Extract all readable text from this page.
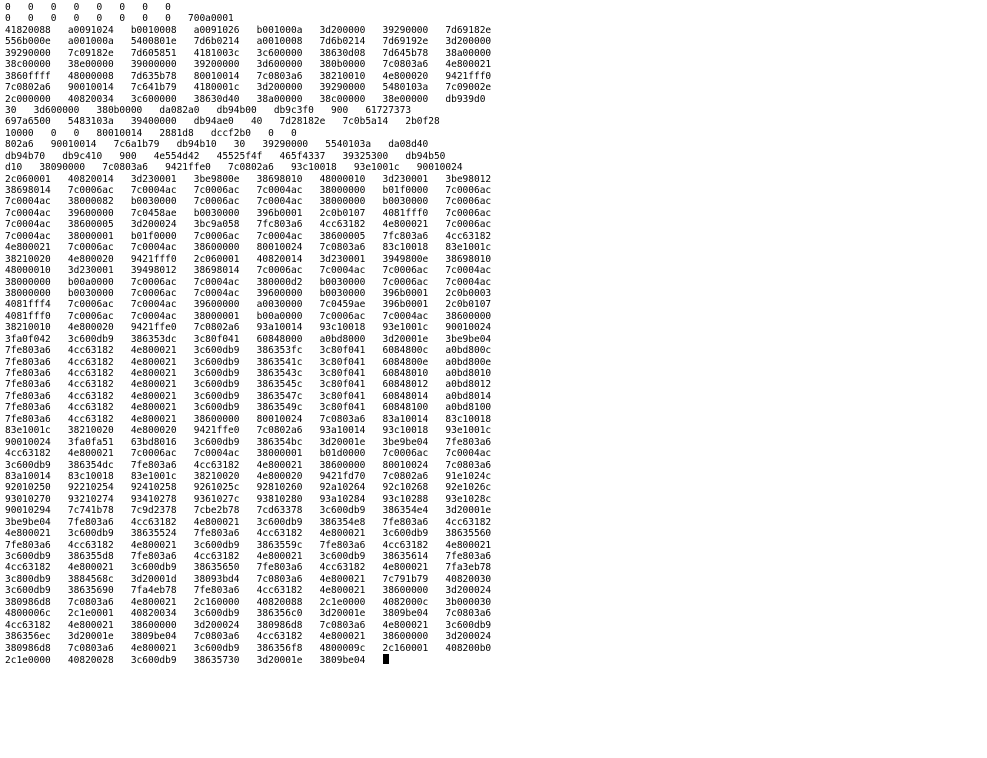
0   0   0   0   0   0   0   0
0   0   0   0   0   0   0   0   700a0001
41820088   a0091024   b0010008   a0091026   b001000a   3d200000   39290000   7d69182e
556b000e   a001000a   5400801e   7d6b0214   a0010008   7d6b0214   7d69192e   3d200000
39290000   7c09182e   7d605851   4181003c   3c600000   38630d08   7d645b78   38a00000
38c00000   38e00000   39000000   39200000   3d600000   380b0000   7c0803a6   4e800021
3860ffff   48000008   7d635b78   80010014   7c0803a6   38210010   4e800020   9421fff0
7c0802a6   90010014   7c641b79   4180001c   3d200000   39290000   5480103a   7c09002e
2c000000   40820034   3c600000   38630d40   38a00000   38c00000   38e00000   db939d0
30   3d600000   380b0000   da082a0   db94b00   db9c3f0   900   61727373
697a6500   5483103a   39400000   db94ae0   40   7d28182e   7c0b5a14   2b0f28
10000   0   0   80010014   2881d8   dccf2b0   0   0
802a6   90010014   7c6a1b79   db94b10   30   39290000   5540103a   da08d40
db94b70   db9c410   900   4e554d42   45525f4f   465f4337   39325300   db94b50
d10   38090000   7c0803a6   9421ffe0   7c0802a6   93c10018   93e1001c   90010024
2c060001   40820014   3d230001   3be9800e   38698010   48000010   3d230001   3be98012
38698014   7c0006ac   7c0004ac   7c0006ac   7c0004ac   38000000   b01f0000   7c0006ac
7c0004ac   38000082   b0030000   7c0006ac   7c0004ac   38000000   b0030000   7c0006ac
7c0004ac   39600000   7c0458ae   b0030000   396b0001   2c0b0107   4081fff0   7c0006ac
7c0004ac   38600005   3d200024   3bc9a058   7fc803a6   4cc63182   4e800021   7c0006ac
7c0004ac   38000001   b01f0000   7c0006ac   7c0004ac   38600005   7fc803a6   4cc63182
4e800021   7c0006ac   7c0004ac   38600000   80010024   7c0803a6   83c10018   83e1001c
38210020   4e800020   9421fff0   2c060001   40820014   3d230001   3949800e   38698010
48000010   3d230001   39498012   38698014   7c0006ac   7c0004ac   7c0006ac   7c0004ac
38000000   b00a0000   7c0006ac   7c0004ac   380000d2   b0030000   7c0006ac   7c0004ac
38000000   b0030000   7c0006ac   7c0004ac   39600000   b0030000   396b0001   2c0b0003
4081fff4   7c0006ac   7c0004ac   39600000   a0030000   7c0459ae   396b0001   2c0b0107
4081fff0   7c0006ac   7c0004ac   38000001   b00a0000   7c0006ac   7c0004ac   38600000
38210010   4e800020   9421ffe0   7c0802a6   93a10014   93c10018   93e1001c   90010024
3fa0f042   3c600db9   386353dc   3c80f041   60848000   a0bd8000   3d20001e   3be9be04
7fe803a6   4cc63182   4e800021   3c600db9   386353fc   3c80f041   6084800c   a0bd800c
7fe803a6   4cc63182   4e800021   3c600db9   3863541c   3c80f041   6084800e   a0bd800e
7fe803a6   4cc63182   4e800021   3c600db9   3863543c   3c80f041   60848010   a0bd8010
7fe803a6   4cc63182   4e800021   3c600db9   3863545c   3c80f041   60848012   a0bd8012
7fe803a6   4cc63182   4e800021   3c600db9   3863547c   3c80f041   60848014   a0bd8014
7fe803a6   4cc63182   4e800021   3c600db9   3863549c   3c80f041   60848100   a0bd8100
7fe803a6   4cc63182   4e800021   38600000   80010024   7c0803a6   83a10014   83c10018
83e1001c   38210020   4e800020   9421ffe0   7c0802a6   93a10014   93c10018   93e1001c
90010024   3fa0fa51   63bd8016   3c600db9   386354bc   3d20001e   3be9be04   7fe803a6
4cc63182   4e800021   7c0006ac   7c0004ac   38000001   b01d0000   7c0006ac   7c0004ac
3c600db9   386354dc   7fe803a6   4cc63182   4e800021   38600000   80010024   7c0803a6
83a10014   83c10018   83e1001c   38210020   4e800020   9421fd70   7c0802a6   91e1024c
92010250   92210254   92410258   9261025c   92810260   92a10264   92c10268   92e1026c
93010270   93210274   93410278   9361027c   93810280   93a10284   93c10288   93e1028c
90010294   7c741b78   7c9d2378   7cbe2b78   7cd63378   3c600db9   386354e4   3d20001e
3be9be04   7fe803a6   4cc63182   4e800021   3c600db9   386354e8   7fe803a6   4cc63182
4e800021   3c600db9   38635524   7fe803a6   4cc63182   4e800021   3c600db9   38635560
7fe803a6   4cc63182   4e800021   3c600db9   3863559c   7fe803a6   4cc63182   4e800021
3c600db9   386355d8   7fe803a6   4cc63182   4e800021   3c600db9   38635614   7fe803a6
4cc63182   4e800021   3c600db9   38635650   7fe803a6   4cc63182   4e800021   7fa3eb78
3c800db9   3884568c   3d20001d   38093bd4   7c0803a6   4e800021   7c791b79   40820030
3c600db9   38635690   7fa4eb78   7fe803a6   4cc63182   4e800021   38600000   3d200024
380986d8   7c0803a6   4e800021   2c160000   40820088   2c1e0000   4082000c   3b000030
4800006c   2c1e0001   40820034   3c600db9   386356c0   3d20001e   3809be04   7c0803a6
4cc63182   4e800021   38600000   3d200024   380986d8   7c0803a6   4e800021   3c600db9
386356ec   3d20001e   3809be04   7c0803a6   4cc63182   4e800021   38600000   3d200024
380986d8   7c0803a6   4e800021   3c600db9   386356f8   4800009c   2c160001   408200b0
2c1e0000   40820028   3c600db9   38635730   3d20001e   3809be04
